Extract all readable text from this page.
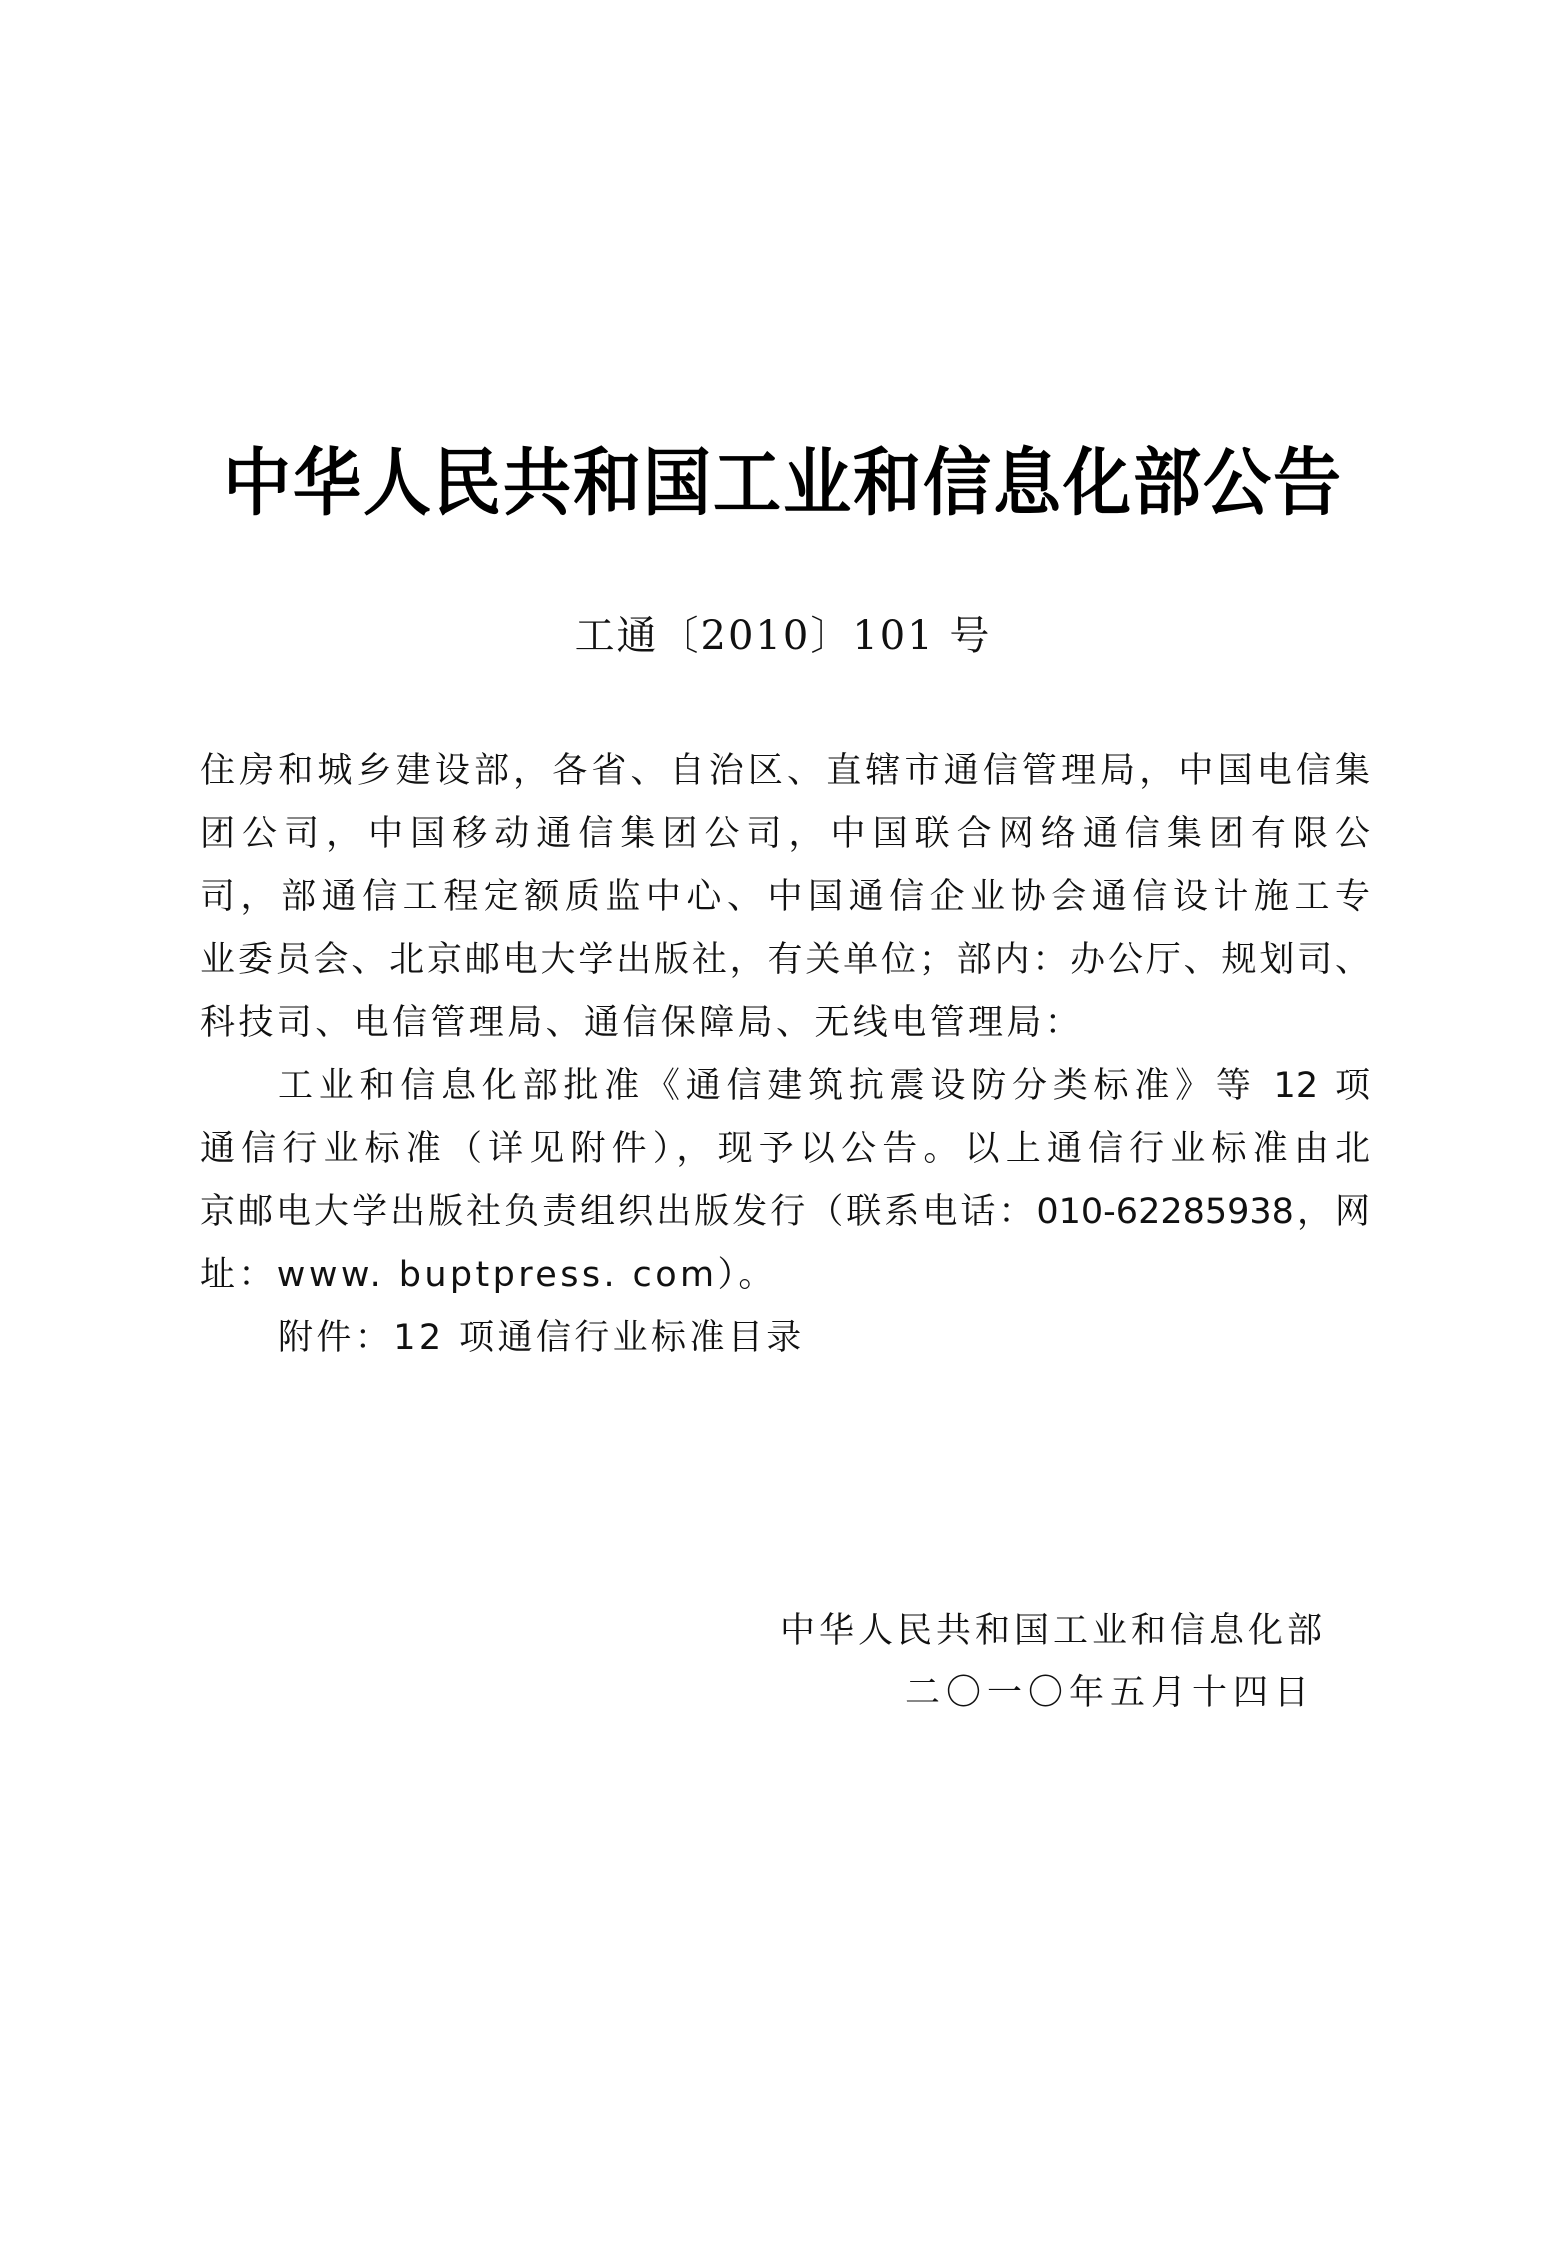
中华人民共和国工业和信息化部公告
工通〔2010〕101 号
住房和城乡建设部，各省、自治区、直辖市通信管理局，中国电信集
团公司，中国移动通信集团公司，中国联合网络通信集团有限公
司，部通信工程定额质监中心、中国通信企业协会通信设计施工专
业委员会、北京邮电大学出版社，有关单位；部内：办公厅、规划司、
科技司、电信管理局、通信保障局、无线电管理局：
工业和信息化部批准《通信建筑抗震设防分类标准》等 12 项
通信行业标准（详见附件），现予以公告。以上通信行业标准由北
京邮电大学出版社负责组织出版发行（联系电话：010-62285938，网
址：www. buptpress. com）。
附件：12 项通信行业标准目录
中华人民共和国工业和信息化部
二〇一〇年五月十四日
